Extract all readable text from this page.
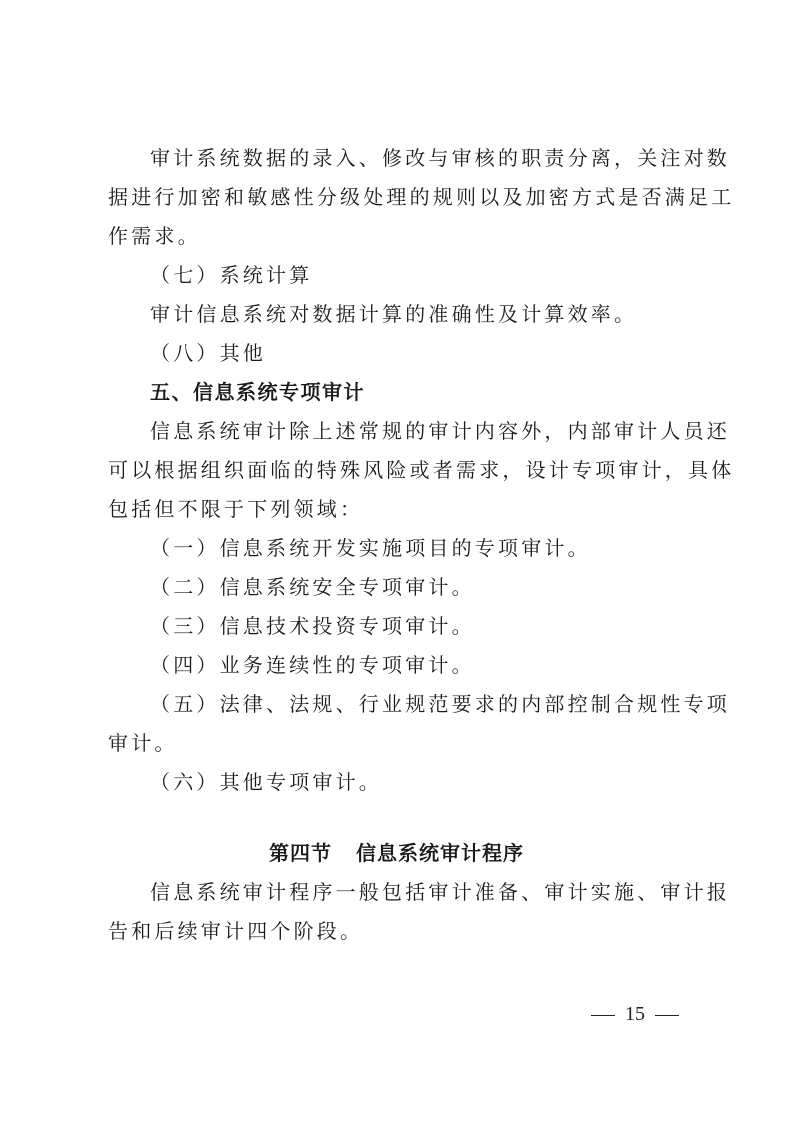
审计系统数据的录入、修改与审核的职责分离，关注对数
据进行加密和敏感性分级处理的规则以及加密方式是否满足工
作需求。
（七）系统计算
审计信息系统对数据计算的准确性及计算效率。
（八）其他
五、信息系统专项审计
信息系统审计除上述常规的审计内容外，内部审计人员还
可以根据组织面临的特殊风险或者需求，设计专项审计，具体
包括但不限于下列领域：
（一）信息系统开发实施项目的专项审计。
（二）信息系统安全专项审计。
（三）信息技术投资专项审计。
（四）业务连续性的专项审计。
（五）法律、法规、行业规范要求的内部控制合规性专项
审计。
（六）其他专项审计。
第四节 信息系统审计程序
信息系统审计程序一般包括审计准备、审计实施、审计报
告和后续审计四个阶段。
15
